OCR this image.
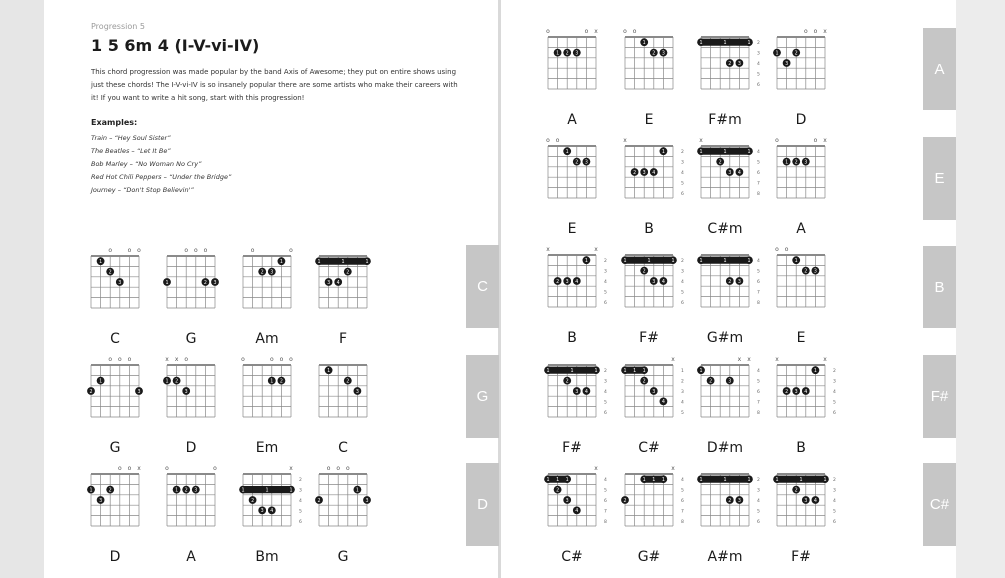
Progression 5
1 5 6m 4 (I-V-vi-IV)
This chord progression was made popular by the band Axis of Awesome; they put on entire shows using just these chords! The I-V-vi-IV is so insanely popular there are some artists who make their careers with it! If you want to write a hit song, start with this progression!
Examples:
Train – “Hey Soul Sister”
The Beatles – “Let It Be”
Bob Marley – “No Woman No Cry”
Red Hot Chili Peppers – “Under the Bridge”
Journey – “Don't Stop Believin'”
C
G
D
A
E
B
F#
C#
o	o o
1
2
3
C
o o o
1	2 3
G
o	o
1
2 3
Am
1
1	1
2
3 4
F
o o o
2
1
3
G
x x o
1 2
3
D
o	o o o
1 2
Em
1
2
3
C
o o x
1	2
3
D
o	o
1 2 3
A
x
2
3
4
5
6
1
1	1
2
3 4
Bm
o o o
2
1
3
G
o	o x
1 2 3
A
o o
1
2 3
E
2
3
4
5
6
1
1	1
2 3
F#m
o o x
1	2
3
D
o o
1
2 3
E
x
2
3
4
5
6
2 3 4
1
B
x
4
5
6
7
8
1
1	1
2
3 4
C#m
o	o x
1 2 3
A
x	x
2
3
4
5
6
2 3 4
1
B
2
3
4
5
6
1
1	1
2
3 4
F#
4
5
6
7
8
1
1	1
2 3
G#m
o o
1
2 3
E
2
3
4
5
6
1
1	1
2
3 4
F#
x
1
2
3
4
5
1
1 1
2
3
4
C#
x x
4
5
6
7
8
1
2	3
D#m
x	x
2
3
4
5
6
2 3 4
1
B
x
4
5
6
7
8
1
1 1
2
3
4
C#
x
4
5
6
7
8
1
1 1
2
G#
2
3
4
5
6
1
1	1
2 3
A#m
2
3
4
5
6
1
1	1
2
3 4
F#
